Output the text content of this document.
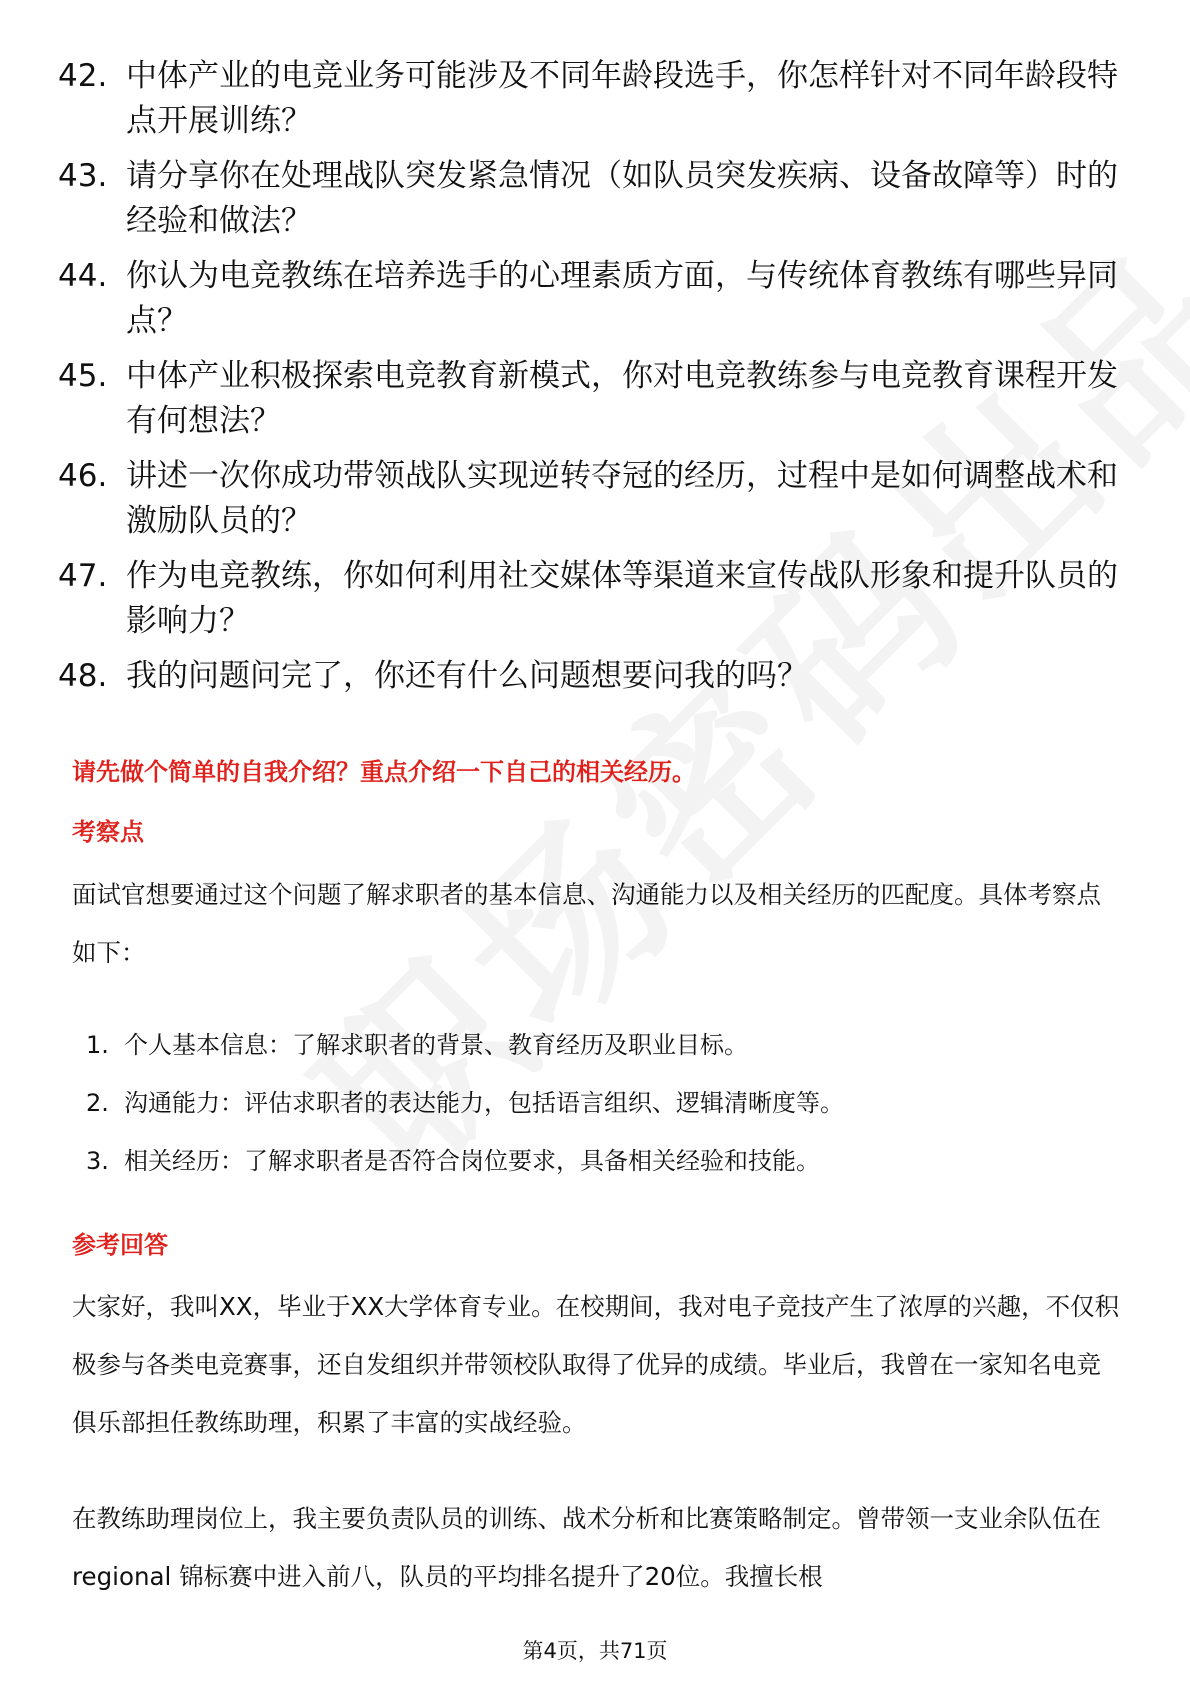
42. 中体产业的电竞业务可能涉及不同年龄段选手，你怎样针对不同年龄段特点开展训练？
43. 请分享你在处理战队突发紧急情况（如队员突发疾病、设备故障等）时的经验和做法？
44. 你认为电竞教练在培养选手的心理素质方面，与传统体育教练有哪些异同点？
45. 中体产业积极探索电竞教育新模式，你对电竞教练参与电竞教育课程开发有何想法？
46. 讲述一次你成功带领战队实现逆转夺冠的经历，过程中是如何调整战术和激励队员的？
47. 作为电竞教练，你如何利用社交媒体等渠道来宣传战队形象和提升队员的影响力？
48. 我的问题问完了，你还有什么问题想要问我的吗？
请先做个简单的自我介绍？重点介绍一下自己的相关经历。
考察点

面试官想要通过这个问题了解求职者的基本信息、沟通能力以及相关经历的匹配度。具体考察点如下：

1. 个人基本信息：了解求职者的背景、教育经历及职业目标。
2. 沟通能力：评估求职者的表达能力，包括语言组织、逻辑清晰度等。
3. 相关经历：了解求职者是否符合岗位要求，具备相关经验和技能。
参考回答

大家好，我叫XX，毕业于XX大学体育专业。在校期间，我对电子竞技产生了浓厚的兴趣，不仅积极参与各类电竞赛事，还自发组织并带领校队取得了优异的成绩。毕业后，我曾在一家知名电竞俱乐部担任教练助理，积累了丰富的实战经验。

在教练助理岗位上，我主要负责队员的训练、战术分析和比赛策略制定。曾带领一支业余队伍在 regional 锦标赛中进入前八，队员的平均排名提升了20位。我擅长根

第4页，共71页
